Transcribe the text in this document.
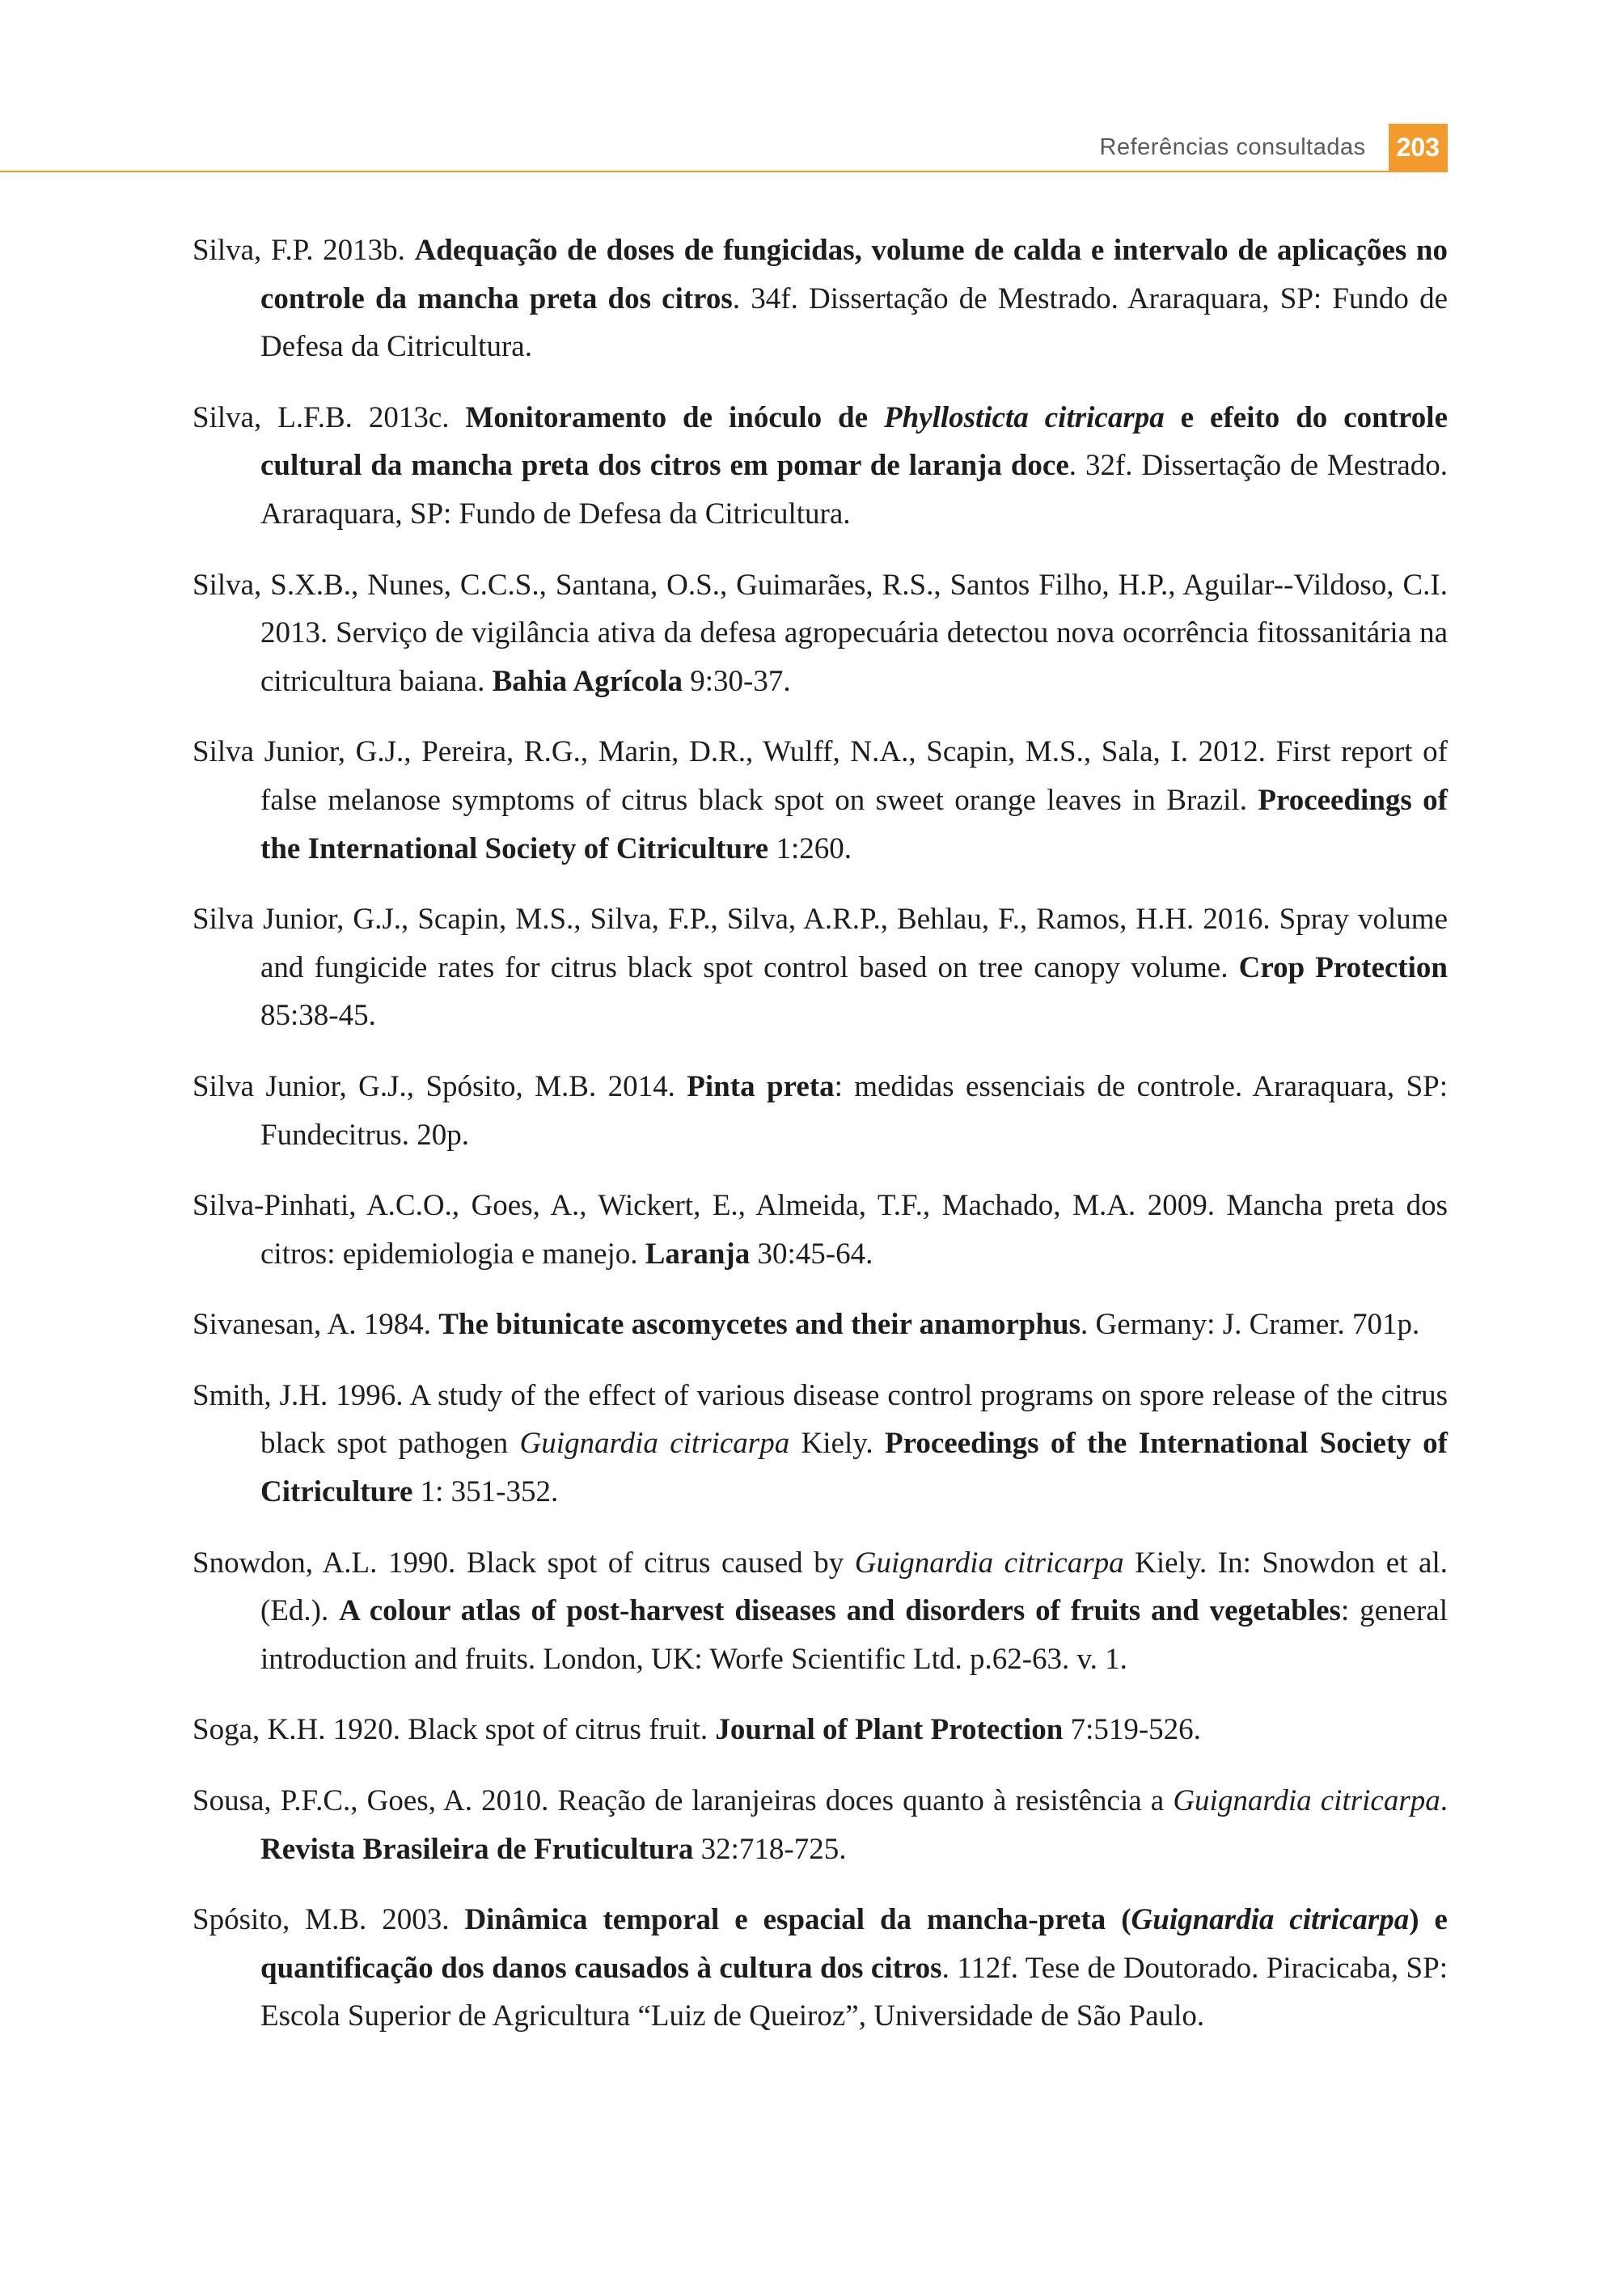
Referências consultadas	203
Silva, F.P. 2013b. Adequação de doses de fungicidas, volume de calda e intervalo de aplicações no controle da mancha preta dos citros. 34f. Dissertação de Mestrado. Araraquara, SP: Fundo de Defesa da Citricultura.
Silva, L.F.B. 2013c. Monitoramento de inóculo de Phyllosticta citricarpa e efeito do controle cultural da mancha preta dos citros em pomar de laranja doce. 32f. Dissertação de Mestrado. Araraquara, SP: Fundo de Defesa da Citricultura.
Silva, S.X.B., Nunes, C.C.S., Santana, O.S., Guimarães, R.S., Santos Filho, H.P., Aguilar--Vildoso, C.I. 2013. Serviço de vigilância ativa da defesa agropecuária detectou nova ocorrência fitossanitária na citricultura baiana. Bahia Agrícola 9:30-37.
Silva Junior, G.J., Pereira, R.G., Marin, D.R., Wulff, N.A., Scapin, M.S., Sala, I. 2012. First report of false melanose symptoms of citrus black spot on sweet orange leaves in Brazil. Proceedings of the International Society of Citriculture 1:260.
Silva Junior, G.J., Scapin, M.S., Silva, F.P., Silva, A.R.P., Behlau, F., Ramos, H.H. 2016. Spray volume and fungicide rates for citrus black spot control based on tree canopy volume. Crop Protection 85:38-45.
Silva Junior, G.J., Spósito, M.B. 2014. Pinta preta: medidas essenciais de controle. Araraquara, SP: Fundecitrus. 20p.
Silva-Pinhati, A.C.O., Goes, A., Wickert, E., Almeida, T.F., Machado, M.A. 2009. Mancha preta dos citros: epidemiologia e manejo. Laranja 30:45-64.
Sivanesan, A. 1984. The bitunicate ascomycetes and their anamorphus. Germany: J. Cramer. 701p.
Smith, J.H. 1996. A study of the effect of various disease control programs on spore release of the citrus black spot pathogen Guignardia citricarpa Kiely. Proceedings of the International Society of Citriculture 1: 351-352.
Snowdon, A.L. 1990. Black spot of citrus caused by Guignardia citricarpa Kiely. In: Snowdon et al. (Ed.). A colour atlas of post-harvest diseases and disorders of fruits and vegetables: general introduction and fruits. London, UK: Worfe Scientific Ltd. p.62-63. v. 1.
Soga, K.H. 1920. Black spot of citrus fruit. Journal of Plant Protection 7:519-526.
Sousa, P.F.C., Goes, A. 2010. Reação de laranjeiras doces quanto à resistência a Guignardia citricarpa. Revista Brasileira de Fruticultura 32:718-725.
Spósito, M.B. 2003. Dinâmica temporal e espacial da mancha-preta (Guignardia citricarpa) e quantificação dos danos causados à cultura dos citros. 112f. Tese de Doutorado. Piracicaba, SP: Escola Superior de Agricultura “Luiz de Queiroz”, Universidade de São Paulo.
